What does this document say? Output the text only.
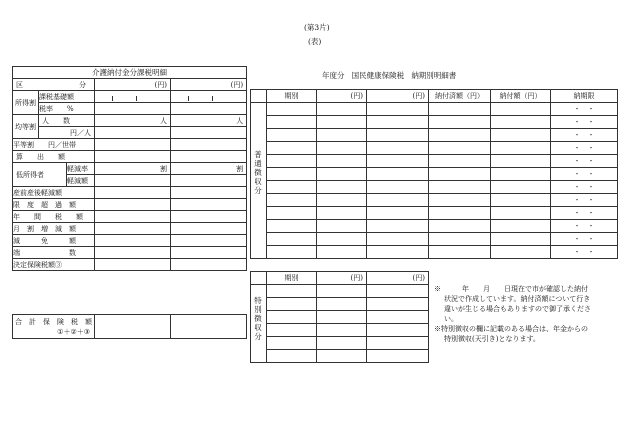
(第3片)
(表)
介護納付金分課税明細				
区 分			(円)	(円)
所得割	課税基礎額			
	税率　　%			
均等割	人　　数		人	人
	円／人			
平等割　　円／世帯				
算　　出　　額				
低所得者		軽減率	割	割
		軽減額		
産前産後軽減額				
限　度　超　過　額				
年　　間　　税　　額				
月　割　増　減　額				
減　　　免　　　額				
端　　　　　　　数				
決定保険税額③				
合　計　保　険　税　額
①＋②＋③

年度分 国民健康保険税 納期別明細書
	期別	(円)	(円)	納付済額（円）	納付額（円）	納期限
						・　・
						・　・
						・　・
						・　・
						・　・
						・　・
						・　・
						・　・
						・　・
						・　・
						・　・
						・　・
普通徴収分
	期別	(円)	(円)

特別徴収分
※　　　年　　月　　日現在で市が確認した納付
状況で作成しています。納付済額について行き
違いが生じる場合もありますので御了承くださ
い。
※特別徴収の欄に記載のある場合は、年金からの
特別徴収(天引き)となります。
